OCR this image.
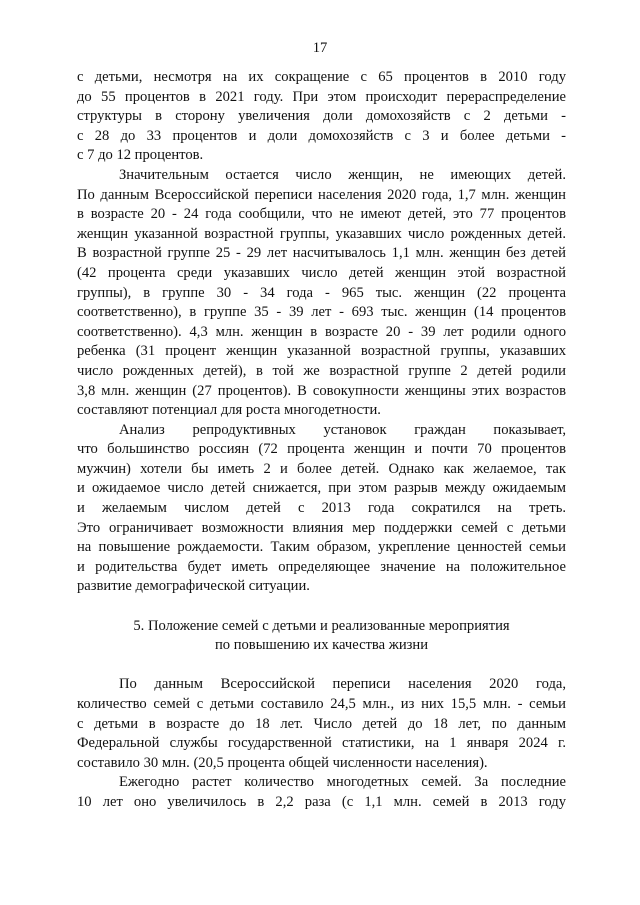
17
с детьми, несмотря на их сокращение с 65 процентов в 2010 году
до 55 процентов в 2021 году. При этом происходит перераспределение
структуры в сторону увеличения доли домохозяйств с 2 детьми -
с 28 до 33 процентов и доли домохозяйств с 3 и более детьми -
с 7 до 12 процентов.
Значительным остается число женщин, не имеющих детей.
По данным Всероссийской переписи населения 2020 года, 1,7 млн. женщин
в возрасте 20 - 24 года сообщили, что не имеют детей, это 77 процентов
женщин указанной возрастной группы, указавших число рожденных детей.
В возрастной группе 25 - 29 лет насчитывалось 1,1 млн. женщин без детей
(42 процента среди указавших число детей женщин этой возрастной
группы), в группе 30 - 34 года - 965 тыс. женщин (22 процента
соответственно), в группе 35 - 39 лет - 693 тыс. женщин (14 процентов
соответственно). 4,3 млн. женщин в возрасте 20 - 39 лет родили одного
ребенка (31 процент женщин указанной возрастной группы, указавших
число рожденных детей), в той же возрастной группе 2 детей родили
3,8 млн. женщин (27 процентов). В совокупности женщины этих возрастов
составляют потенциал для роста многодетности.
Анализ репродуктивных установок граждан показывает,
что большинство россиян (72 процента женщин и почти 70 процентов
мужчин) хотели бы иметь 2 и более детей. Однако как желаемое, так
и ожидаемое число детей снижается, при этом разрыв между ожидаемым
и желаемым числом детей с 2013 года сократился на треть.
Это ограничивает возможности влияния мер поддержки семей с детьми
на повышение рождаемости. Таким образом, укрепление ценностей семьи
и родительства будет иметь определяющее значение на положительное
развитие демографической ситуации.
5. Положение семей с детьми и реализованные мероприятия
по повышению их качества жизни
По данным Всероссийской переписи населения 2020 года,
количество семей с детьми составило 24,5 млн., из них 15,5 млн. - семьи
с детьми в возрасте до 18 лет. Число детей до 18 лет, по данным
Федеральной службы государственной статистики, на 1 января 2024 г.
составило 30 млн. (20,5 процента общей численности населения).
Ежегодно растет количество многодетных семей. За последние
10 лет оно увеличилось в 2,2 раза (с 1,1 млн. семей в 2013 году
